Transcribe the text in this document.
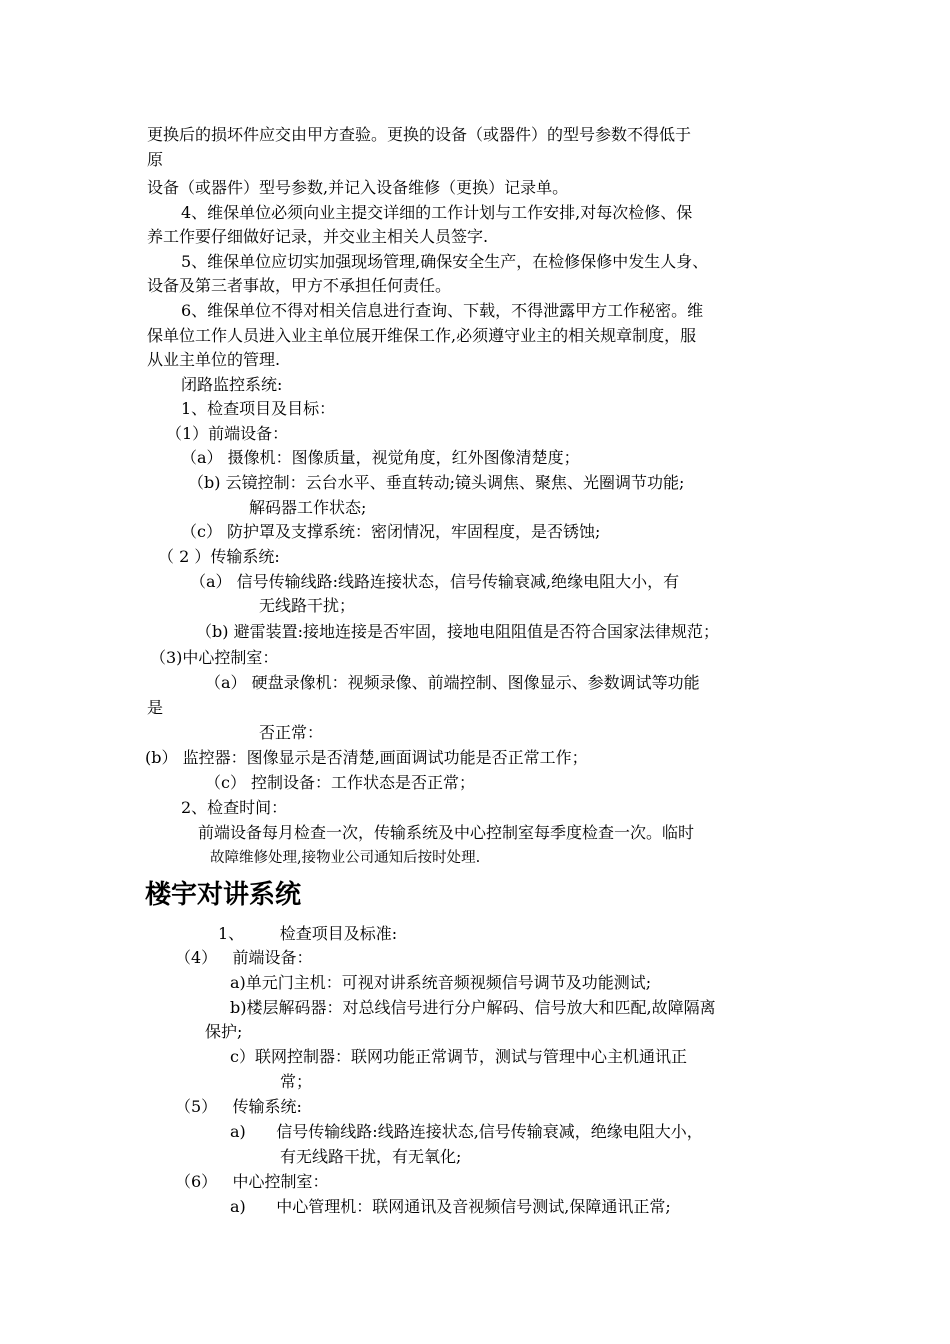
更换后的损坏件应交由甲方查验。更换的设备（或器件）的型号参数不得低于
原
设备（或器件）型号参数,并记入设备维修（更换）记录单。
4、维保单位必须向业主提交详细的工作计划与工作安排,对每次检修、保
养工作要仔细做好记录，并交业主相关人员签字.
5、维保单位应切实加强现场管理,确保安全生产，在检修保修中发生人身、
设备及第三者事故，甲方不承担任何责任。
6、维保单位不得对相关信息进行查询、下载，不得泄露甲方工作秘密。维
保单位工作人员进入业主单位展开维保工作,必须遵守业主的相关规章制度，服
从业主单位的管理.
闭路监控系统:
1、检查项目及目标：
（1）前端设备：
（a） 摄像机：图像质量，视觉角度，红外图像清楚度；
（b) 云镜控制：云台水平、垂直转动;镜头调焦、聚焦、光圈调节功能;
解码器工作状态;
（c） 防护罩及支撑系统：密闭情况，牢固程度，是否锈蚀;
（ 2 ）传输系统:
（a） 信号传输线路:线路连接状态，信号传输衰减,绝缘电阻大小，有
无线路干扰；
（b) 避雷装置:接地连接是否牢固，接地电阻阻值是否符合国家法律规范；
（3)中心控制室：
（a） 硬盘录像机：视频录像、前端控制、图像显示、参数调试等功能
是
否正常：
(b） 监控器：图像显示是否清楚,画面调试功能是否正常工作；
（c） 控制设备：工作状态是否正常；
2、检查时间：
前端设备每月检查一次，传输系统及中心控制室每季度检查一次。临时
故障维修处理,接物业公司通知后按时处理.
楼宇对讲系统
1、       检查项目及标准:
（4）   前端设备：
a)单元门主机：可视对讲系统音频视频信号调节及功能测试;
b)楼层解码器：对总线信号进行分户解码、信号放大和匹配,故障隔离
保护;
c）联网控制器：联网功能正常调节，测试与管理中心主机通讯正
常；
（5）   传输系统:
a)      信号传输线路:线路连接状态,信号传输衰减，绝缘电阻大小，
有无线路干扰，有无氧化;
（6）   中心控制室：
a)      中心管理机：联网通讯及音视频信号测试,保障通讯正常;
